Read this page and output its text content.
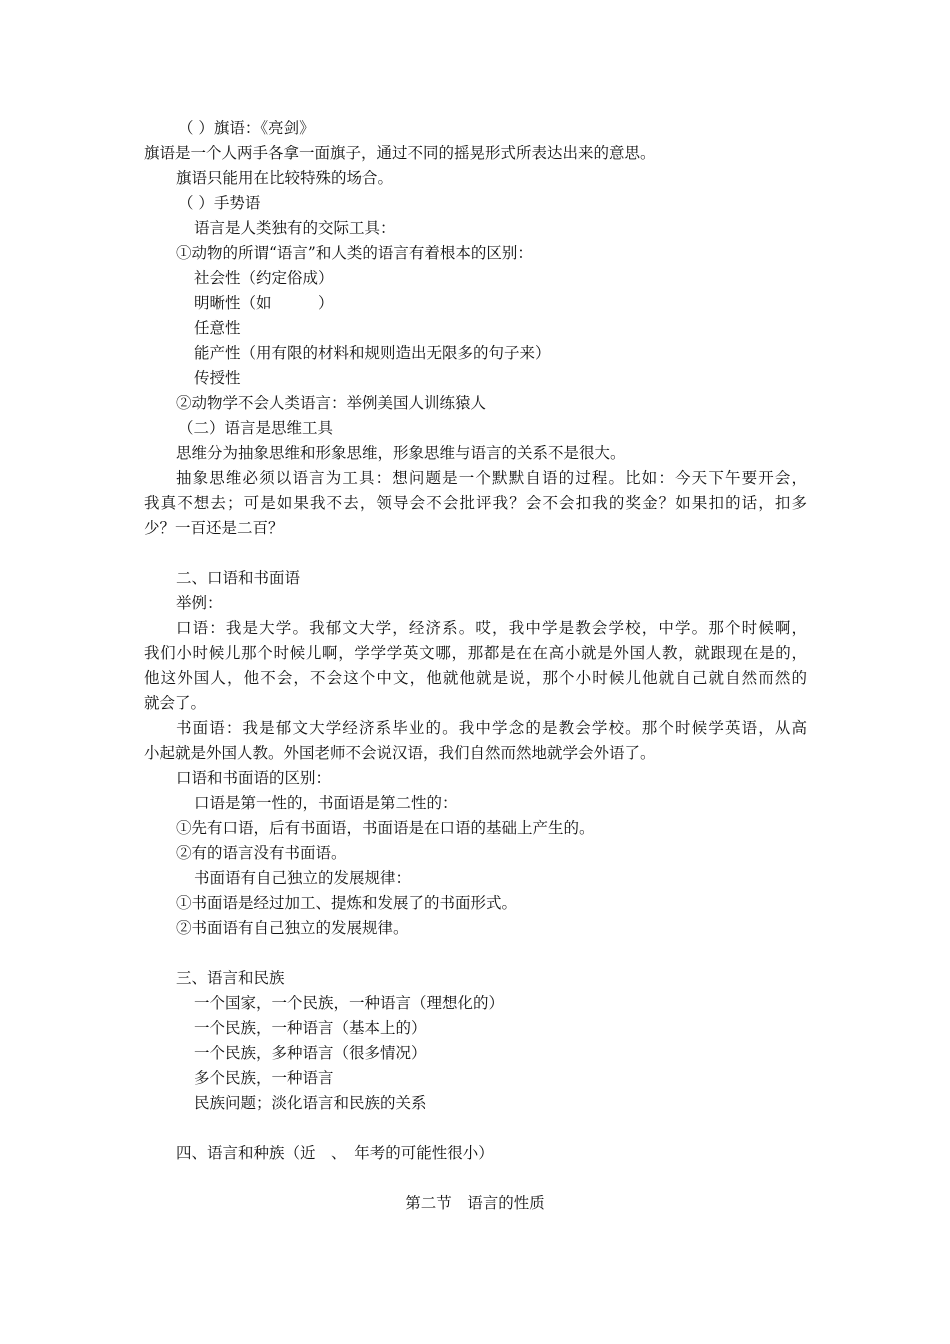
（ ）旗语：《亮剑》
旗语是一个人两手各拿一面旗子，通过不同的摇晃形式所表达出来的意思。
旗语只能用在比较特殊的场合。
（ ）手势语
语言是人类独有的交际工具：
①动物的所谓“语言”和人类的语言有着根本的区别：
社会性（约定俗成）
明晰性（如　　　）
任意性
能产性（用有限的材料和规则造出无限多的句子来）
传授性
②动物学不会人类语言：举例美国人训练猿人
（二）语言是思维工具
思维分为抽象思维和形象思维，形象思维与语言的关系不是很大。
抽象思维必须以语言为工具：想问题是一个默默自语的过程。比如：今天下午要开会，
我真不想去；可是如果我不去，领导会不会批评我？会不会扣我的奖金？如果扣的话，扣多
少？一百还是二百？
二、口语和书面语
举例：
口语：我是大学。我郁文大学，经济系。哎，我中学是教会学校，中学。那个时候啊，
我们小时候儿那个时候儿啊，学学学英文哪，那都是在在高小就是外国人教，就跟现在是的，
他这外国人，他不会，不会这个中文，他就他就是说，那个小时候儿他就自己就自然而然的
就会了。
书面语：我是郁文大学经济系毕业的。我中学念的是教会学校。那个时候学英语，从高
小起就是外国人教。外国老师不会说汉语，我们自然而然地就学会外语了。
口语和书面语的区别：
口语是第一性的，书面语是第二性的：
①先有口语，后有书面语，书面语是在口语的基础上产生的。
②有的语言没有书面语。
书面语有自己独立的发展规律：
①书面语是经过加工、提炼和发展了的书面形式。
②书面语有自己独立的发展规律。
三、语言和民族
一个国家，一个民族，一种语言（理想化的）
一个民族，一种语言（基本上的）
一个民族，多种语言（很多情况）
多个民族，一种语言
民族问题；淡化语言和民族的关系
四、语言和种族（近　、　年考的可能性很小）
第二节　语言的性质
